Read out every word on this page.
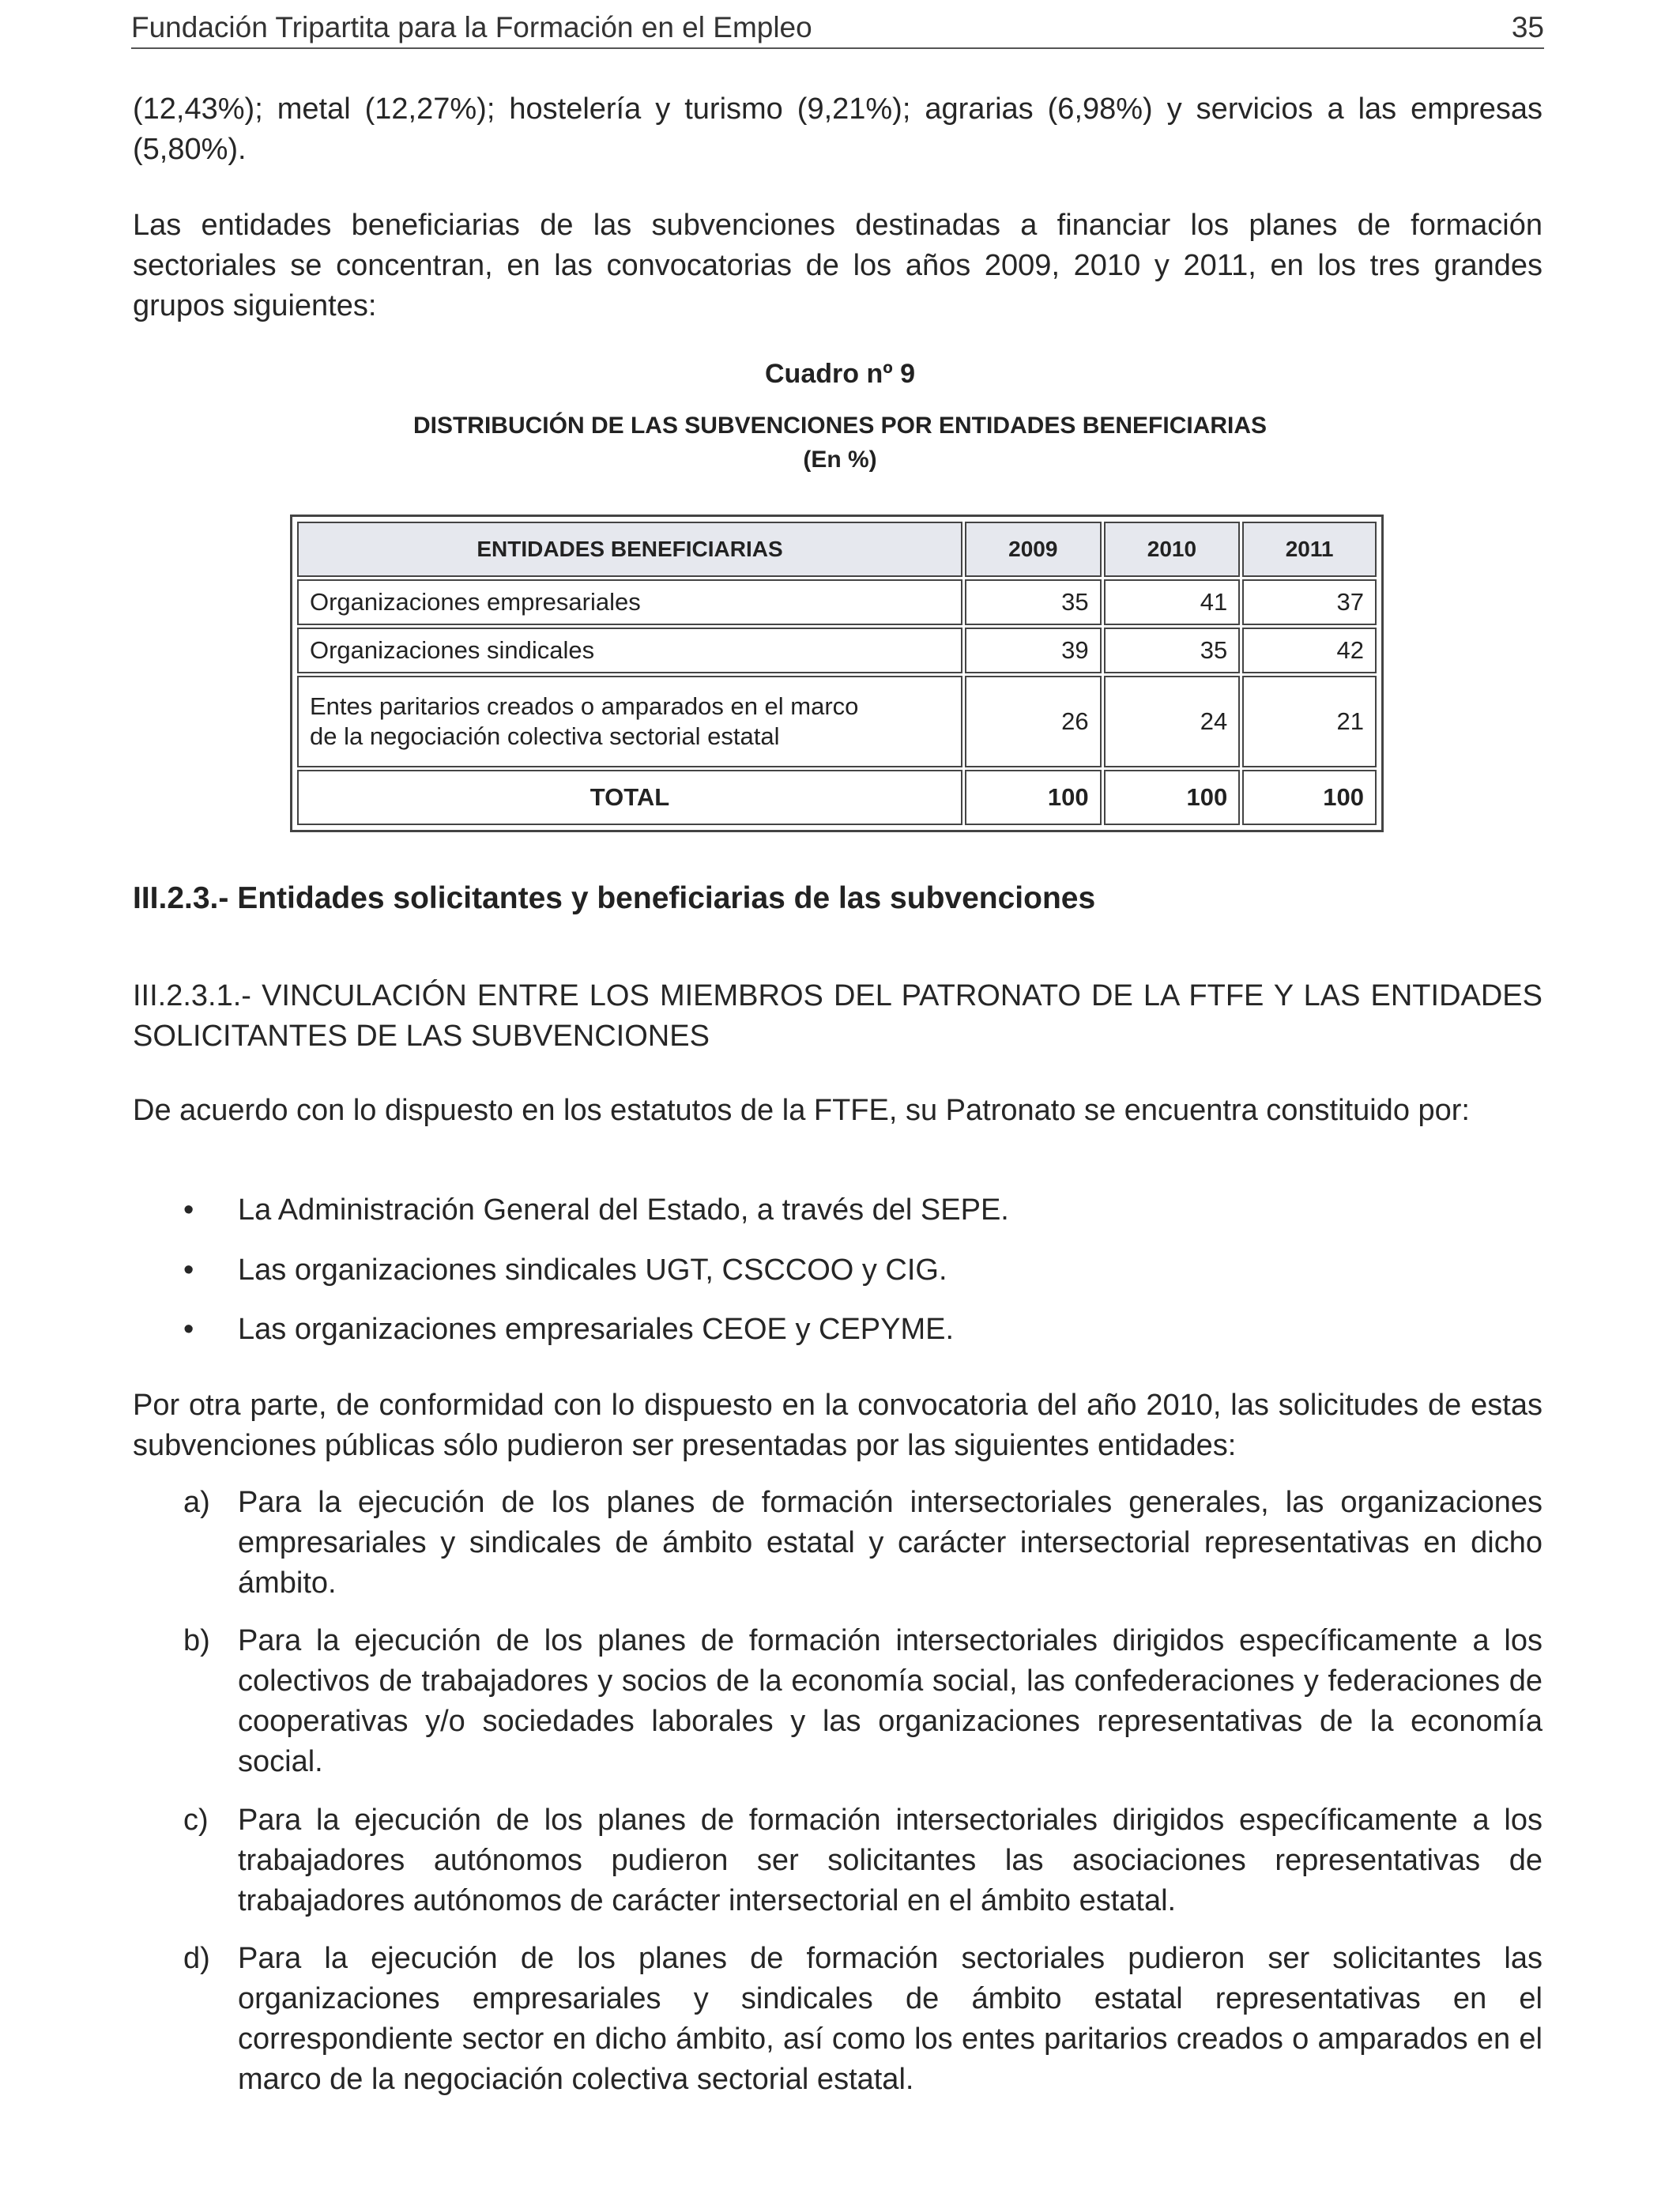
Fundación Tripartita para la Formación en el Empleo	35

(12,43%); metal (12,27%); hostelería y turismo (9,21%); agrarias (6,98%) y servicios a las empresas (5,80%).

Las entidades beneficiarias de las subvenciones destinadas a financiar los planes de formación sectoriales se concentran, en las convocatorias de los años 2009, 2010 y 2011, en los tres grandes grupos siguientes:

Cuadro nº 9
DISTRIBUCIÓN DE LAS SUBVENCIONES POR ENTIDADES BENEFICIARIAS
(En %)
ENTIDADES BENEFICIARIAS	2009	2010	2011
Organizaciones empresariales	35	41	37
Organizaciones sindicales	39	35	42
Entes paritarios creados o amparados en el marco
de la negociación colectiva sectorial estatal	26	24	21
TOTAL	100	100	100
III.2.3.- Entidades solicitantes y beneficiarias de las subvenciones
III.2.3.1.- VINCULACIÓN ENTRE LOS MIEMBROS DEL PATRONATO DE LA FTFE Y LAS ENTIDADES SOLICITANTES DE LAS SUBVENCIONES

De acuerdo con lo dispuesto en los estatutos de la FTFE, su Patronato se encuentra constituido por:

• La Administración General del Estado, a través del SEPE.
• Las organizaciones sindicales UGT, CSCCOO y CIG.
• Las organizaciones empresariales CEOE y CEPYME.

Por otra parte, de conformidad con lo dispuesto en la convocatoria del año 2010, las solicitudes de estas subvenciones públicas sólo pudieron ser presentadas por las siguientes entidades:

a) Para la ejecución de los planes de formación intersectoriales generales, las organizaciones empresariales y sindicales de ámbito estatal y carácter intersectorial representativas en dicho ámbito.
b) Para la ejecución de los planes de formación intersectoriales dirigidos específicamente a los colectivos de trabajadores y socios de la economía social, las confederaciones y federaciones de cooperativas y/o sociedades laborales y las organizaciones representativas de la economía social.
c) Para la ejecución de los planes de formación intersectoriales dirigidos específicamente a los trabajadores autónomos pudieron ser solicitantes las asociaciones representativas de trabajadores autónomos de carácter intersectorial en el ámbito estatal.
d) Para la ejecución de los planes de formación sectoriales pudieron ser solicitantes las organizaciones empresariales y sindicales de ámbito estatal representativas en el correspondiente sector en dicho ámbito, así como los entes paritarios creados o amparados en el marco de la negociación colectiva sectorial estatal.
